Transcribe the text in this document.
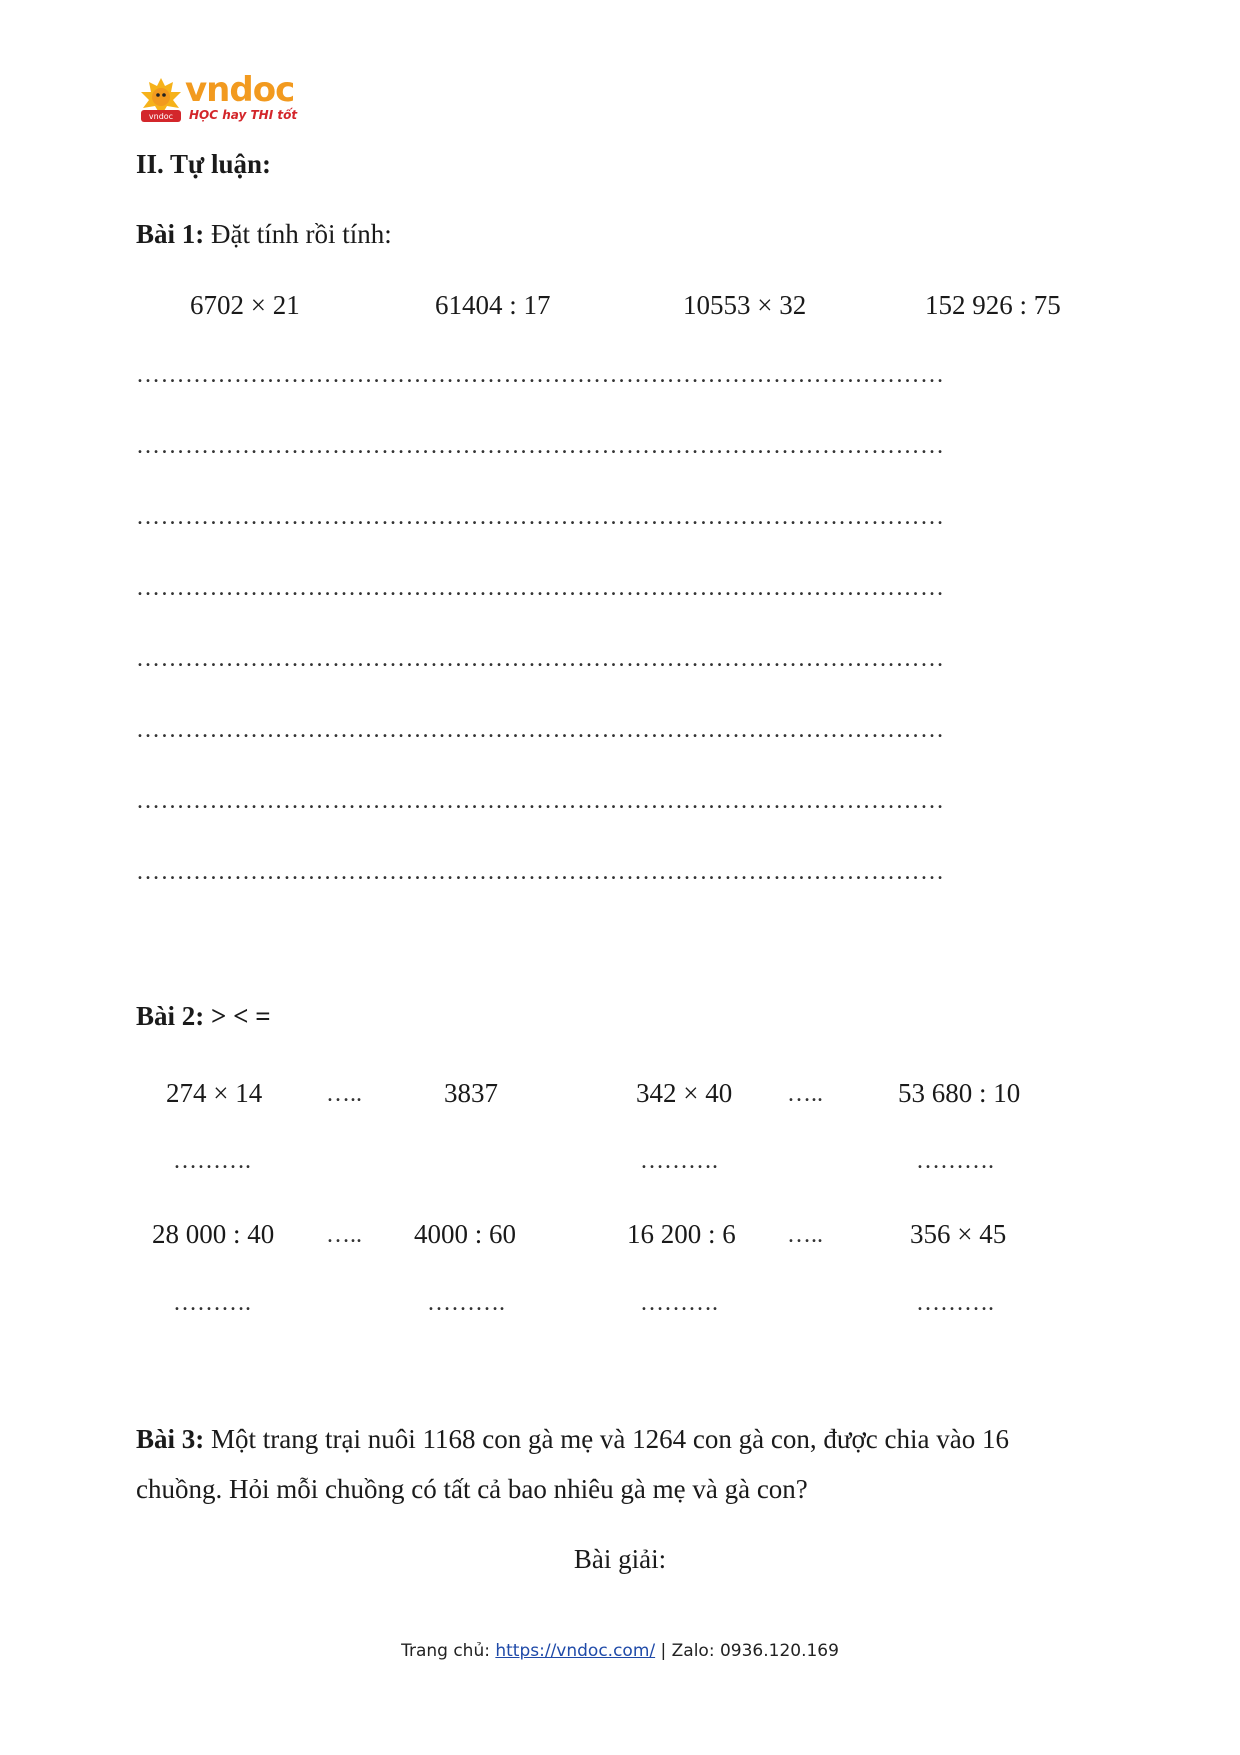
vndoc
vndoc
HỌC hay THI tốt
II. Tự luận:
Bài 1: Đặt tính rồi tính:
6702 × 21	61404 : 17	10553 × 32	152 926 : 75
………………………………………………………………………………………
………………………………………………………………………………………
………………………………………………………………………………………
………………………………………………………………………………………
………………………………………………………………………………………
………………………………………………………………………………………
………………………………………………………………………………………
………………………………………………………………………………………
Bài 2: > < =
274 × 14	…..	3837	342 × 40 …..	53 680 : 10
……….	……….	……….
28 000 : 40 ….. 4000 : 60	16 200 : 6 …..	356 × 45
……….	……….	……….	……….
Bài 3: Một trang trại nuôi 1168 con gà mẹ và 1264 con gà con, được chia vào 16
chuồng. Hỏi mỗi chuồng có tất cả bao nhiêu gà mẹ và gà con?
Bài giải:
Trang chủ: https://vndoc.com/ | Zalo: 0936.120.169
